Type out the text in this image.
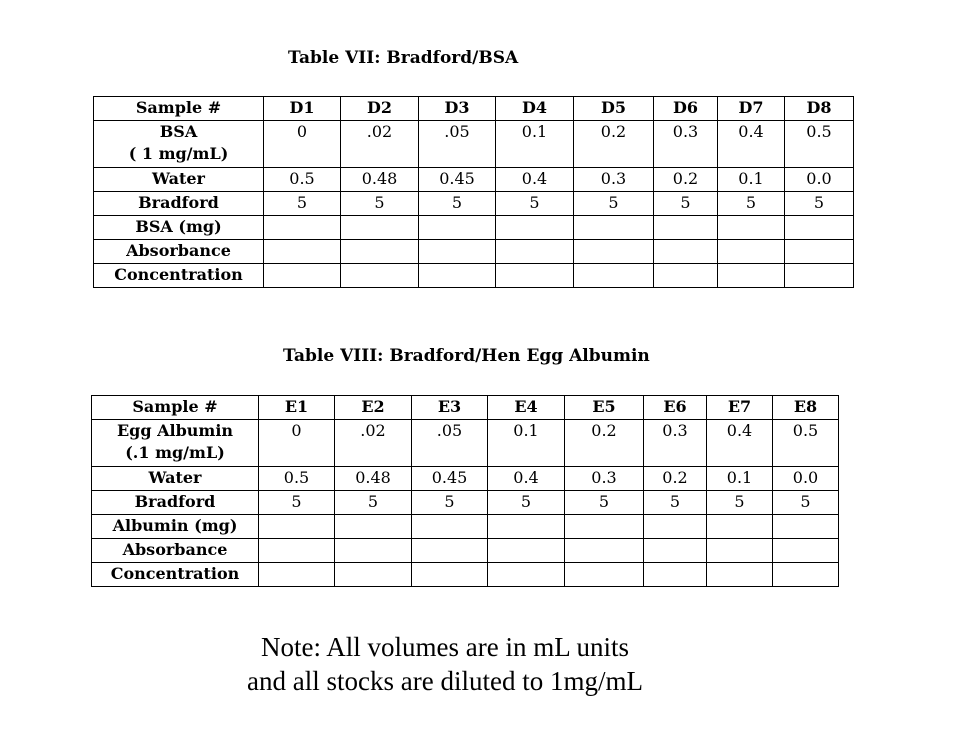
Table VII: Bradford/BSA
Sample #	D1	D2	D3	D4	D5	D6	D7	D8
BSA
( 1 mg/mL)	0	.02	.05	0.1	0.2	0.3	0.4	0.5
Water	0.5	0.48	0.45	0.4	0.3	0.2	0.1	0.0
Bradford	5	5	5	5	5	5	5	5
BSA (mg)								
Absorbance								
Concentration								
Table VIII: Bradford/Hen Egg Albumin
Sample #	E1	E2	E3	E4	E5	E6	E7	E8
Egg Albumin
(.1 mg/mL)	0	.02	.05	0.1	0.2	0.3	0.4	0.5
Water	0.5	0.48	0.45	0.4	0.3	0.2	0.1	0.0
Bradford	5	5	5	5	5	5	5	5
Albumin (mg)								
Absorbance								
Concentration								
Note: All volumes are in mL units
and all stocks are diluted to 1mg/mL
